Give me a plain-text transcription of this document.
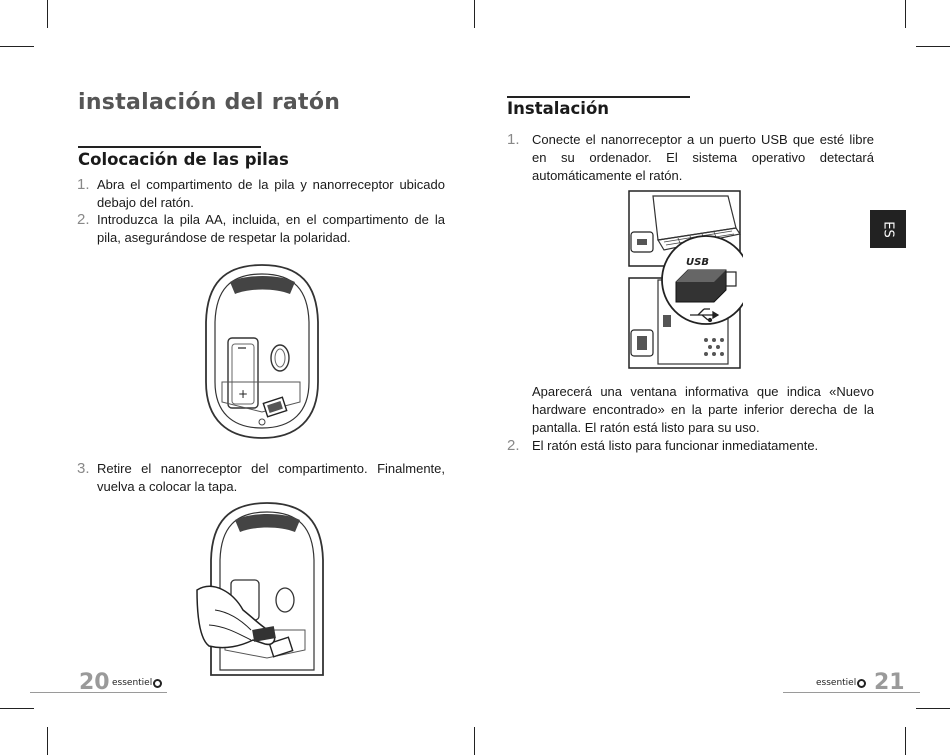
instalación del ratón
Colocación de las pilas
1. Abra el compartimento de la pila y nanorreceptor ubicado debajo del ratón.
2. Introduzca la pila AA, incluida, en el compartimento de la pila, asegurándose de respetar la polaridad.
+
3. Retire el nanorreceptor del compartimento. Finalmente, vuelva a colocar la tapa.
20 essentiel
Instalación
1. Conecte el nanorreceptor a un puerto USB que esté libre en su ordenador. El sistema operativo detectará automáticamente el ratón.
USB
Aparecerá una ventana informativa que indica «Nuevo hardware encontrado» en la parte inferior derecha de la pantalla. El ratón está listo para su uso.
2. El ratón está listo para funcionar inmediatamente.
ES
essentiel 21
